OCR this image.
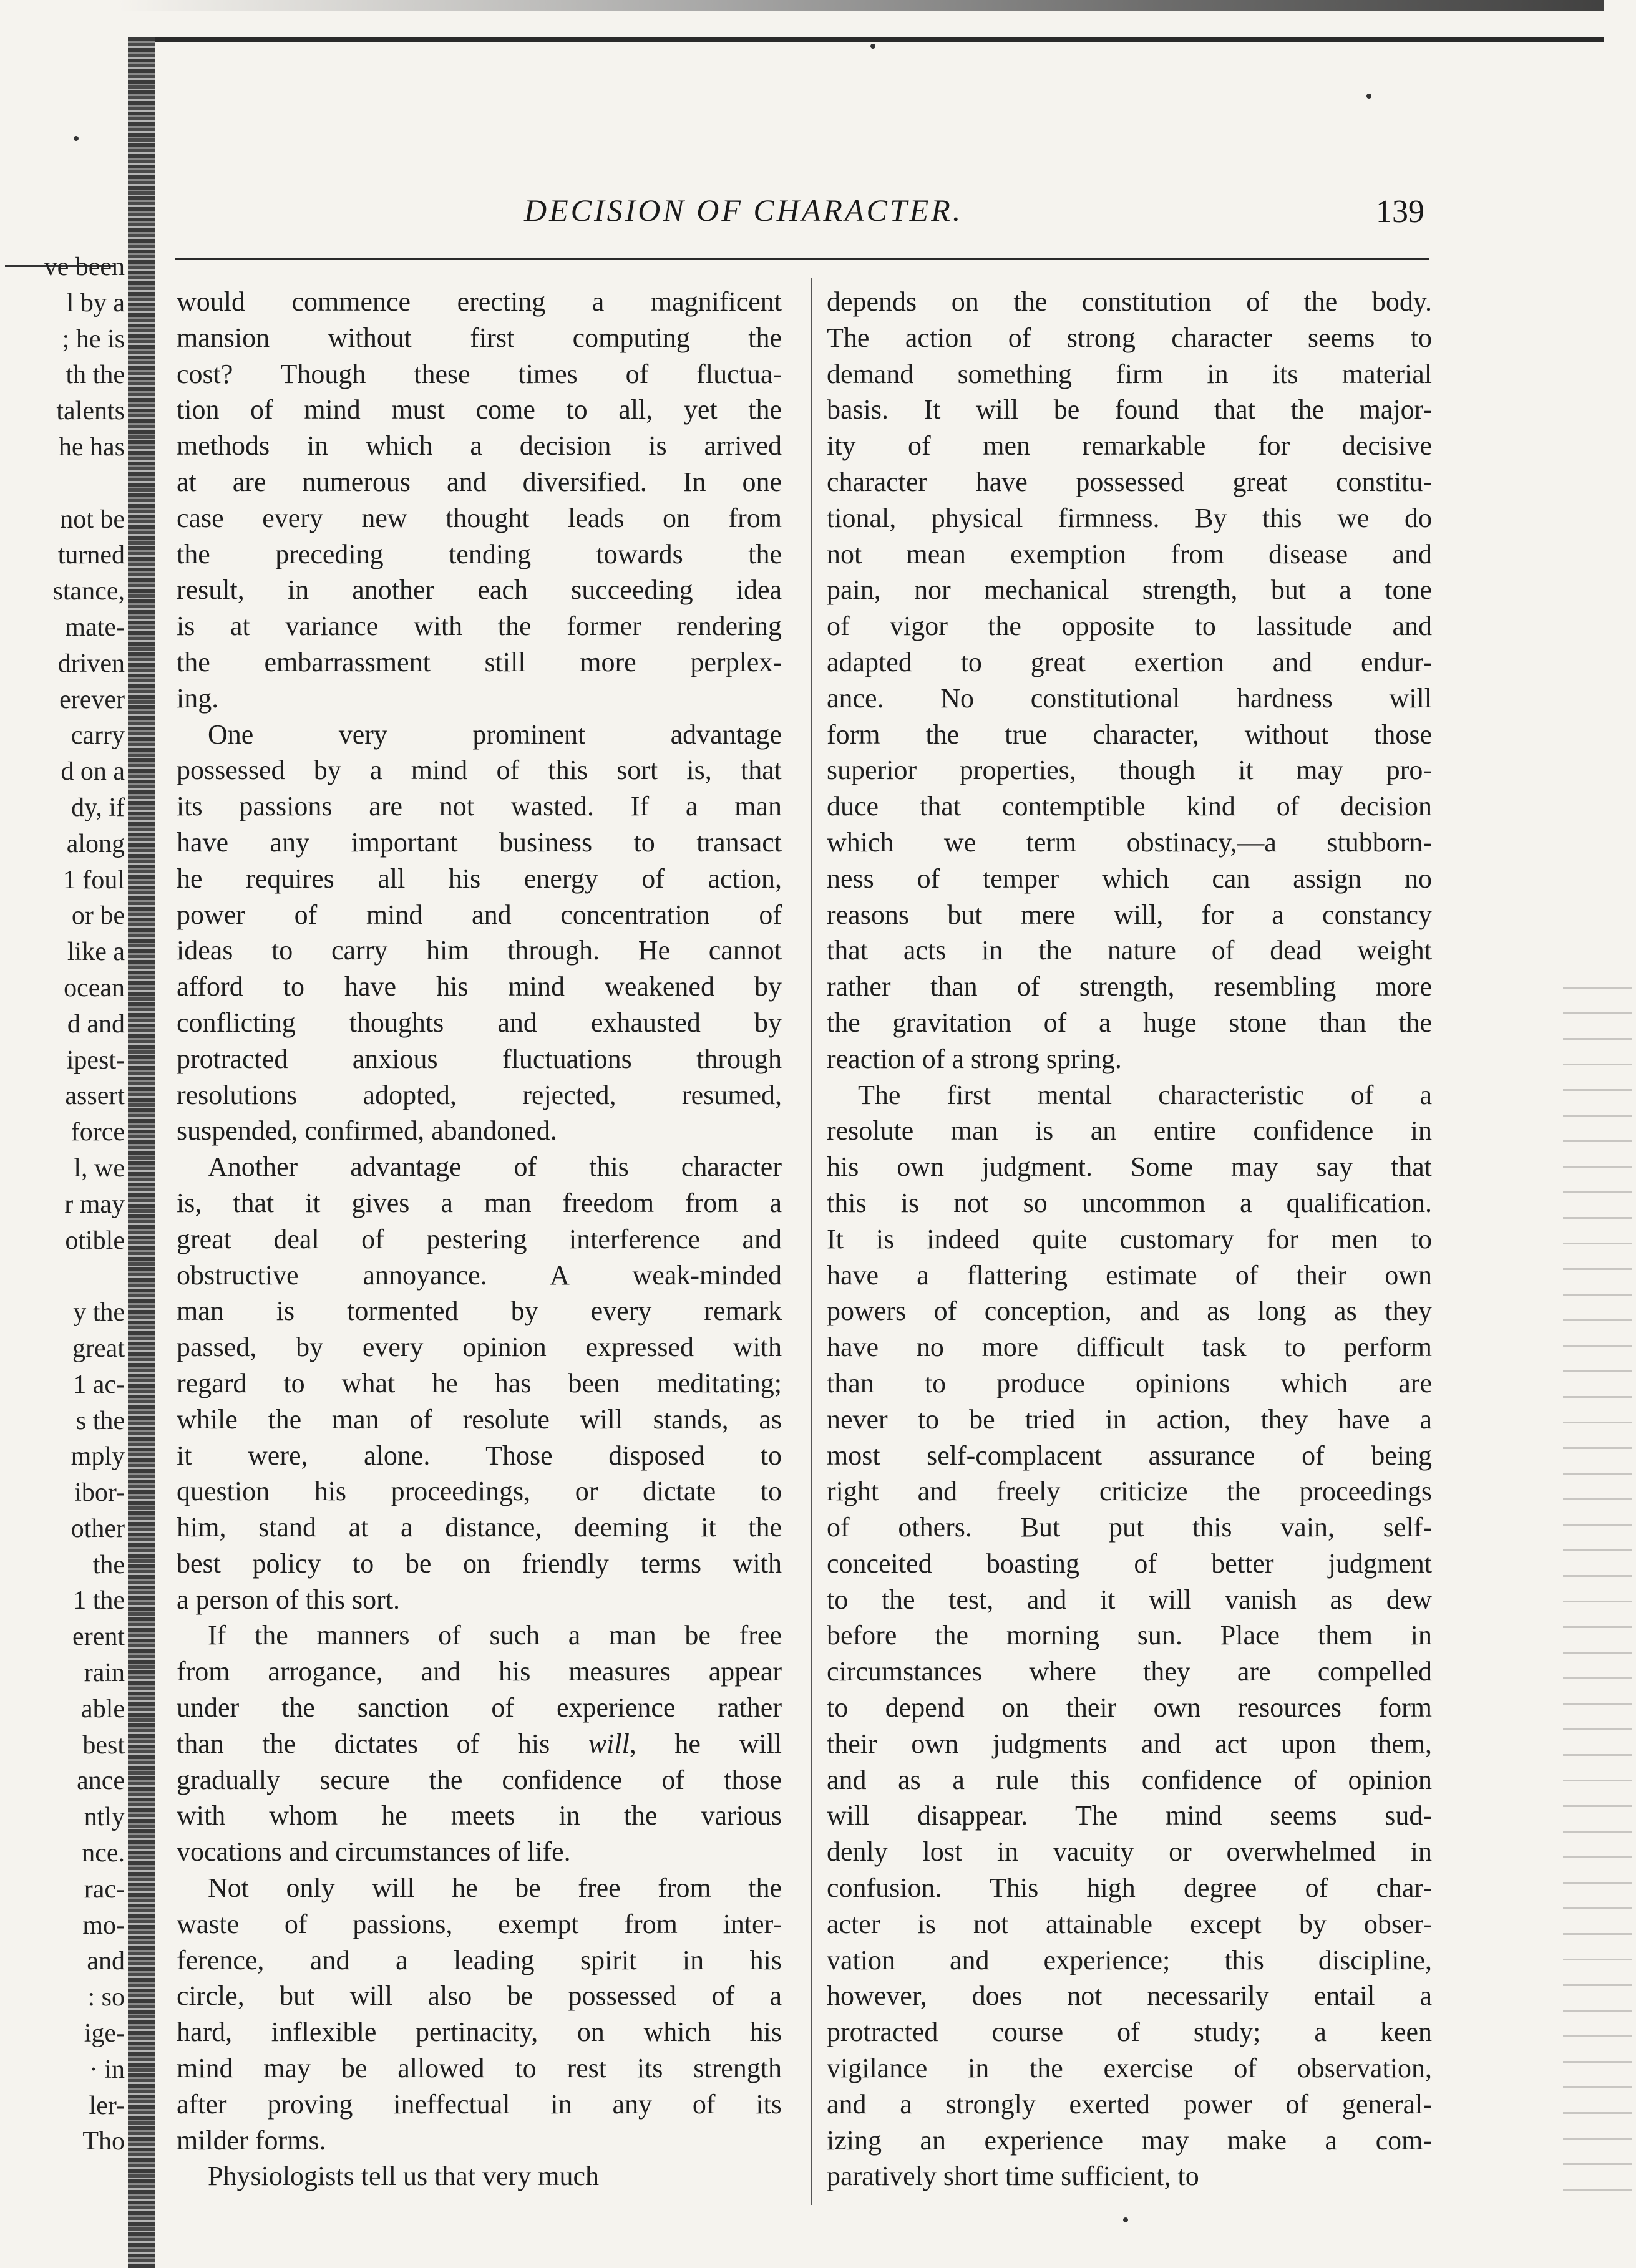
ve been
l by a
; he is
th the
talents
he has
not be
turned
stance,
mate-
driven
erever
carry
d on a
dy, if
along
1 foul
or be
like a
ocean
d and
ipest-
assert
force
l, we
r may
otible
y the
great
1 ac-
s the
mply
ibor-
other
the
1 the
erent
rain
able
best
ance
ntly
nce.
rac-
mo-
and
: so
ige-
· in
ler-
Tho
DECISION OF CHARACTER.	139
would commence erecting a magnificent
mansion without first computing the
cost? Though these times of fluctua-
tion of mind must come to all, yet the
methods in which a decision is arrived
at are numerous and diversified. In one
case every new thought leads on from
the preceding tending towards the
result, in another each succeeding idea
is at variance with the former rendering
the embarrassment still more perplex-
ing.
One very prominent advantage
possessed by a mind of this sort is, that
its passions are not wasted. If a man
have any important business to transact
he requires all his energy of action,
power of mind and concentration of
ideas to carry him through. He cannot
afford to have his mind weakened by
conflicting thoughts and exhausted by
protracted anxious fluctuations through
resolutions adopted, rejected, resumed,
suspended, confirmed, abandoned.
Another advantage of this character
is, that it gives a man freedom from a
great deal of pestering interference and
obstructive annoyance. A weak-minded
man is tormented by every remark
passed, by every opinion expressed with
regard to what he has been meditating;
while the man of resolute will stands, as
it were, alone. Those disposed to
question his proceedings, or dictate to
him, stand at a distance, deeming it the
best policy to be on friendly terms with
a person of this sort.
If the manners of such a man be free
from arrogance, and his measures appear
under the sanction of experience rather
than the dictates of his will, he will
gradually secure the confidence of those
with whom he meets in the various
vocations and circumstances of life.
Not only will he be free from the
waste of passions, exempt from inter-
ference, and a leading spirit in his
circle, but will also be possessed of a
hard, inflexible pertinacity, on which his
mind may be allowed to rest its strength
after proving ineffectual in any of its
milder forms.
Physiologists tell us that very much
depends on the constitution of the body.
The action of strong character seems to
demand something firm in its material
basis. It will be found that the major-
ity of men remarkable for decisive
character have possessed great constitu-
tional, physical firmness. By this we do
not mean exemption from disease and
pain, nor mechanical strength, but a tone
of vigor the opposite to lassitude and
adapted to great exertion and endur-
ance. No constitutional hardness will
form the true character, without those
superior properties, though it may pro-
duce that contemptible kind of decision
which we term obstinacy,—a stubborn-
ness of temper which can assign no
reasons but mere will, for a constancy
that acts in the nature of dead weight
rather than of strength, resembling more
the gravitation of a huge stone than the
reaction of a strong spring.
The first mental characteristic of a
resolute man is an entire confidence in
his own judgment. Some may say that
this is not so uncommon a qualification.
It is indeed quite customary for men to
have a flattering estimate of their own
powers of conception, and as long as they
have no more difficult task to perform
than to produce opinions which are
never to be tried in action, they have a
most self-complacent assurance of being
right and freely criticize the proceedings
of others. But put this vain, self-
conceited boasting of better judgment
to the test, and it will vanish as dew
before the morning sun. Place them in
circumstances where they are compelled
to depend on their own resources form
their own judgments and act upon them,
and as a rule this confidence of opinion
will disappear. The mind seems sud-
denly lost in vacuity or overwhelmed in
confusion. This high degree of char-
acter is not attainable except by obser-
vation and experience; this discipline,
however, does not necessarily entail a
protracted course of study; a keen
vigilance in the exercise of observation,
and a strongly exerted power of general-
izing an experience may make a com-
paratively short time sufficient, to
